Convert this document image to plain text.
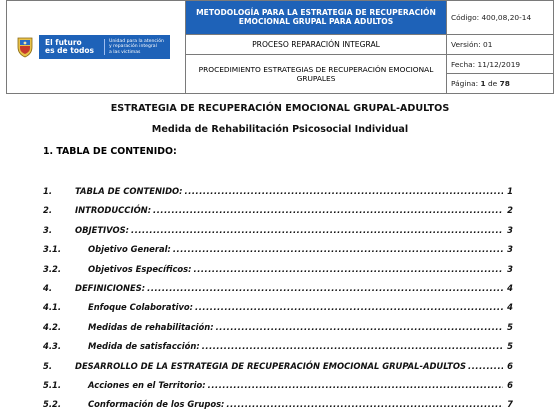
El futuro
es de todos
Unidad para la atención
y reparación integral
a las víctimas	METODOLOGÍA PARA LA ESTRATEGIA DE RECUPERACIÓN EMOCIONAL GRUPAL PARA ADULTOS	Código: 400,08,20-14
	PROCESO REPARACIÓN INTEGRAL	Versión: 01
	PROCEDIMIENTO ESTRATEGIAS DE RECUPERACIÓN EMOCIONAL GRUPALES	Fecha: 11/12/2019
Página:
1
de
78
ESTRATEGIA DE RECUPERACIÓN EMOCIONAL GRUPAL-ADULTOS
Medida de Rehabilitación Psicosocial Individual
1. TABLA DE CONTENIDO:
1.	TABLA DE CONTENIDO: .....	1
2.	INTRODUCCIÓN: .....	2
3.	OBJETIVOS: .....	3
3.1.	Objetivo General: .....	3
3.2.	Objetivos Específicos: .....	3
4.	DEFINICIONES: .....	4
4.1.	Enfoque Colaborativo: .....	4
4.2.	Medidas de rehabilitación: .....	5
4.3.	Medida de satisfacción: .....	5
5.	DESARROLLO DE LA ESTRATEGIA DE RECUPERACIÓN EMOCIONAL GRUPAL-ADULTOS .....	6
5.1.	Acciones en el Territorio: .....	6
5.2.	Conformación de los Grupos: .....	7
